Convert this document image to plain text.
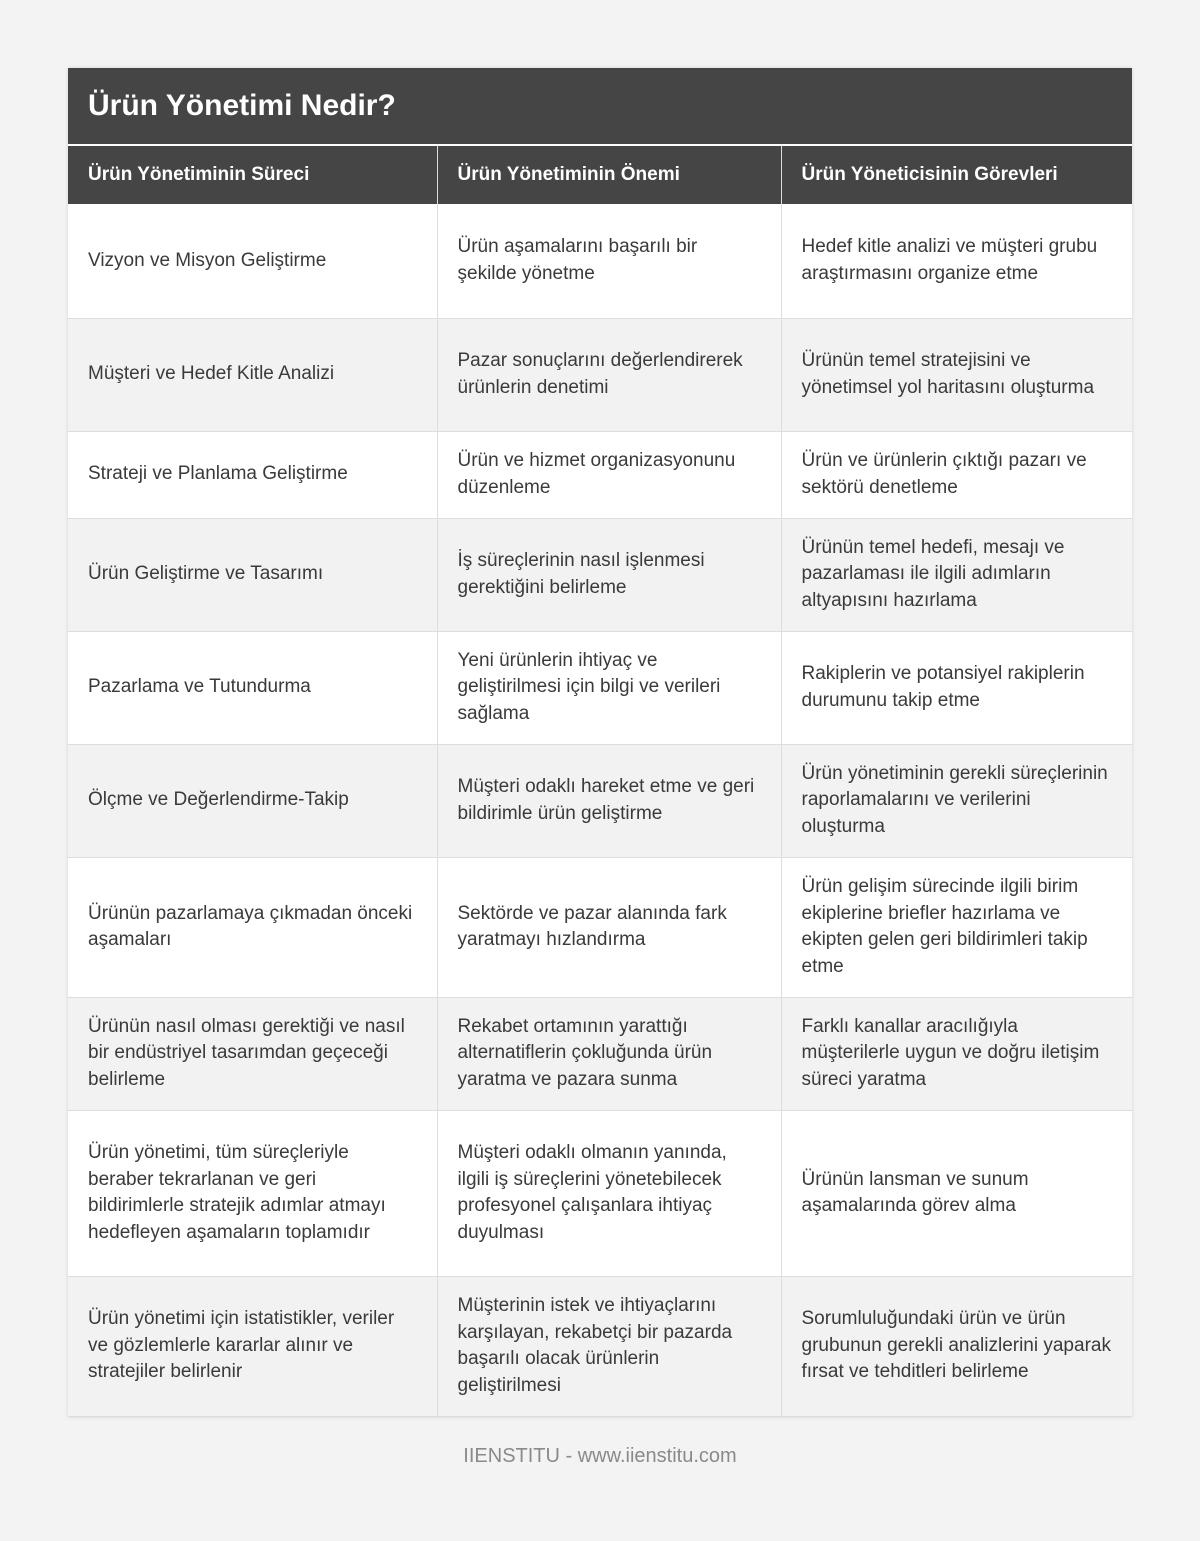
Ürün Yönetimi Nedir?
Ürün Yönetiminin Süreci	Ürün Yönetiminin Önemi	Ürün Yöneticisinin Görevleri
Vizyon ve Misyon Geliştirme	Ürün aşamalarını başarılı bir şekilde yönetme	Hedef kitle analizi ve müşteri grubu araştırmasını organize etme
Müşteri ve Hedef Kitle Analizi	Pazar sonuçlarını değerlendirerek ürünlerin denetimi	Ürünün temel stratejisini ve yönetimsel yol haritasını oluşturma
Strateji ve Planlama Geliştirme	Ürün ve hizmet organizasyonunu düzenleme	Ürün ve ürünlerin çıktığı pazarı ve sektörü denetleme
Ürün Geliştirme ve Tasarımı	İş süreçlerinin nasıl işlenmesi gerektiğini belirleme	Ürünün temel hedefi, mesajı ve pazarlaması ile ilgili adımların altyapısını hazırlama
Pazarlama ve Tutundurma	Yeni ürünlerin ihtiyaç ve geliştirilmesi için bilgi ve verileri sağlama	Rakiplerin ve potansiyel rakiplerin durumunu takip etme
Ölçme ve Değerlendirme-Takip	Müşteri odaklı hareket etme ve geri bildirimle ürün geliştirme	Ürün yönetiminin gerekli süreçlerinin raporlamalarını ve verilerini oluşturma
Ürünün pazarlamaya çıkmadan önceki aşamaları	Sektörde ve pazar alanında fark yaratmayı hızlandırma	Ürün gelişim sürecinde ilgili birim ekiplerine briefler hazırlama ve ekipten gelen geri bildirimleri takip etme
Ürünün nasıl olması gerektiği ve nasıl bir endüstriyel tasarımdan geçeceği belirleme	Rekabet ortamının yarattığı alternatiflerin çokluğunda ürün yaratma ve pazara sunma	Farklı kanallar aracılığıyla müşterilerle uygun ve doğru iletişim süreci yaratma
Ürün yönetimi, tüm süreçleriyle beraber tekrarlanan ve geri bildirimlerle stratejik adımlar atmayı hedefleyen aşamaların toplamıdır	Müşteri odaklı olmanın yanında, ilgili iş süreçlerini yönetebilecek profesyonel çalışanlara ihtiyaç duyulması	Ürünün lansman ve sunum aşamalarında görev alma
Ürün yönetimi için istatistikler, veriler ve gözlemlerle kararlar alınır ve stratejiler belirlenir	Müşterinin istek ve ihtiyaçlarını karşılayan, rekabetçi bir pazarda başarılı olacak ürünlerin geliştirilmesi	Sorumluluğundaki ürün ve ürün grubunun gerekli analizlerini yaparak fırsat ve tehditleri belirleme
IIENSTITU - www.iienstitu.com
